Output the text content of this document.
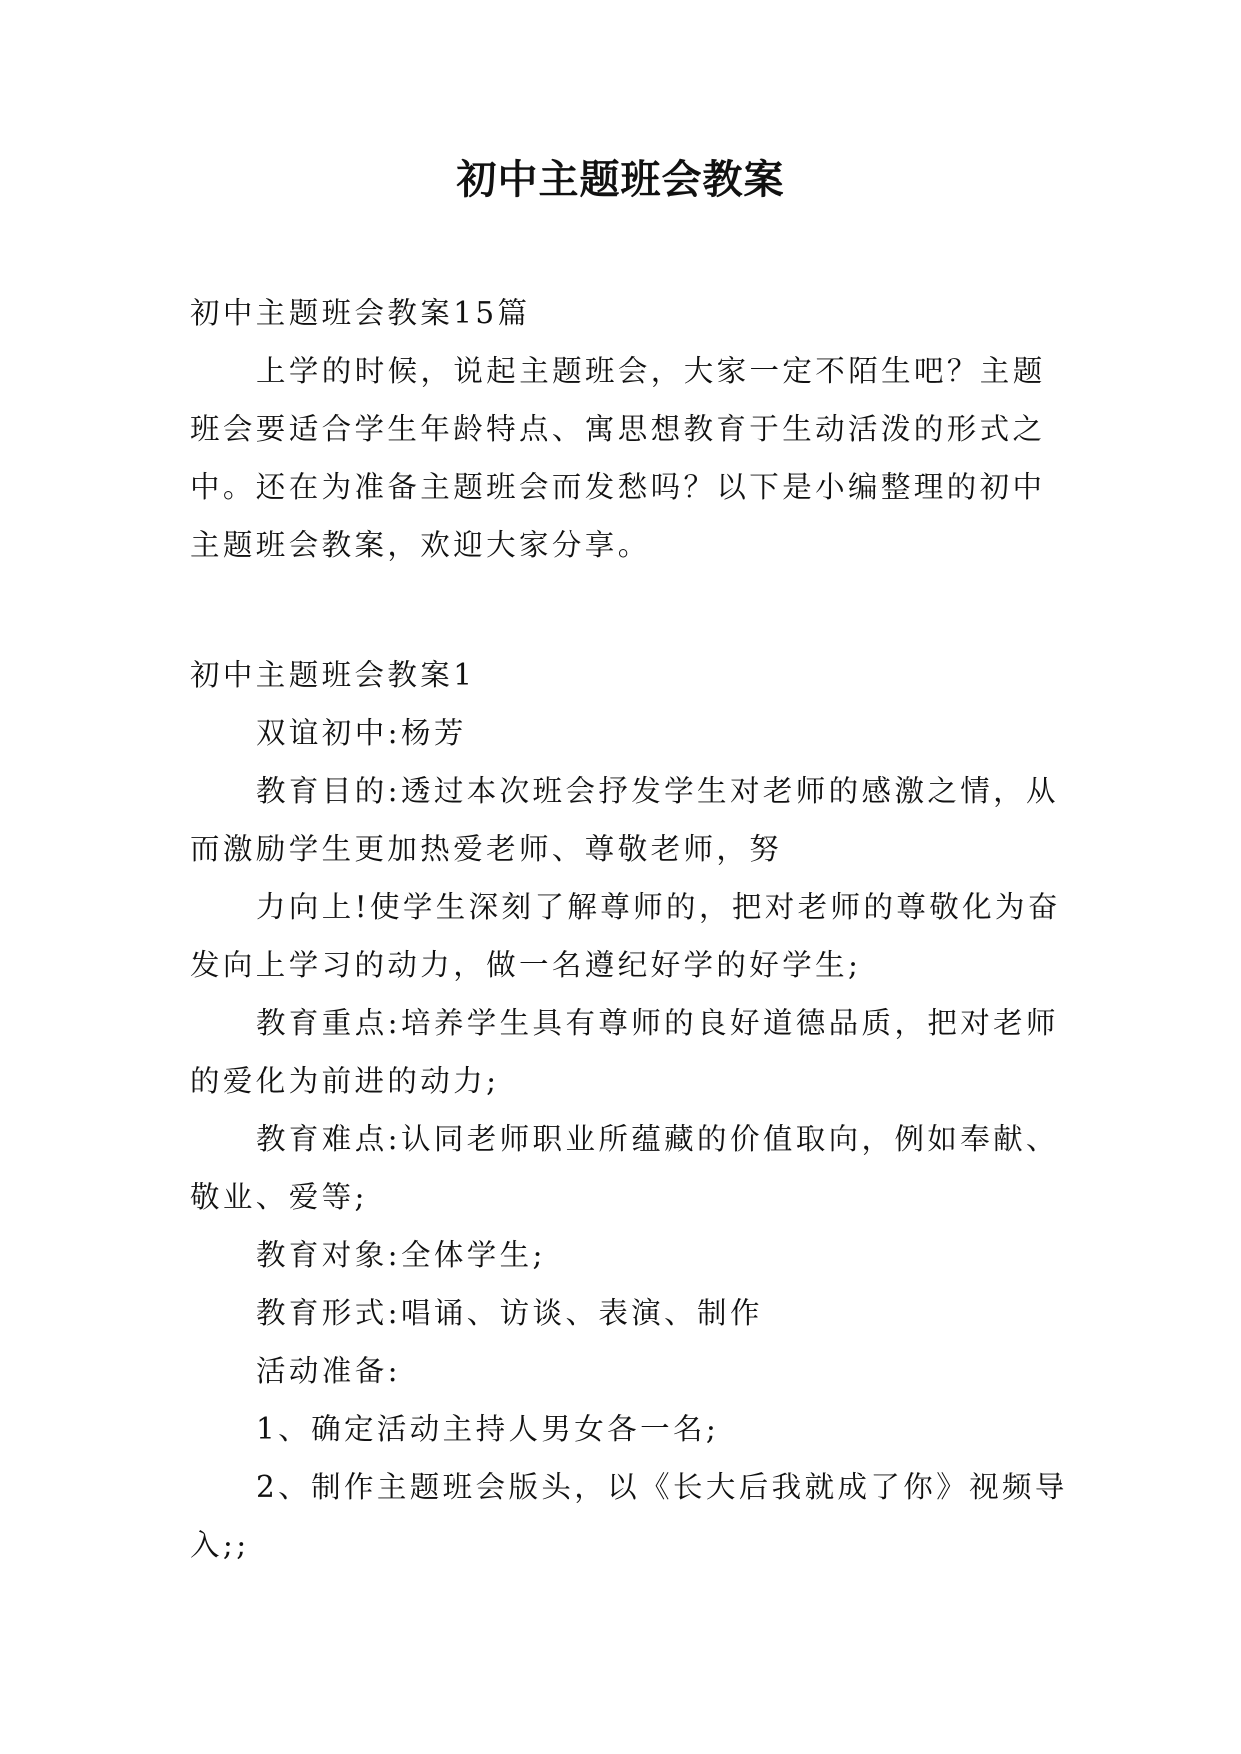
初中主题班会教案

初中主题班会教案15篇

上学的时候，说起主题班会，大家一定不陌生吧？主题班会要适合学生年龄特点、寓思想教育于生动活泼的形式之中。还在为准备主题班会而发愁吗？以下是小编整理的初中主题班会教案，欢迎大家分享。

初中主题班会教案1

双谊初中:杨芳

教育目的:透过本次班会抒发学生对老师的感激之情，从而激励学生更加热爱老师、尊敬老师，努

力向上!使学生深刻了解尊师的，把对老师的尊敬化为奋发向上学习的动力，做一名遵纪好学的好学生;

教育重点:培养学生具有尊师的良好道德品质，把对老师的爱化为前进的动力;

教育难点:认同老师职业所蕴藏的价值取向，例如奉献、敬业、爱等;

教育对象:全体学生;

教育形式:唱诵、访谈、表演、制作

活动准备:

1、确定活动主持人男女各一名;

2、制作主题班会版头，以《长大后我就成了你》视频导入;;
